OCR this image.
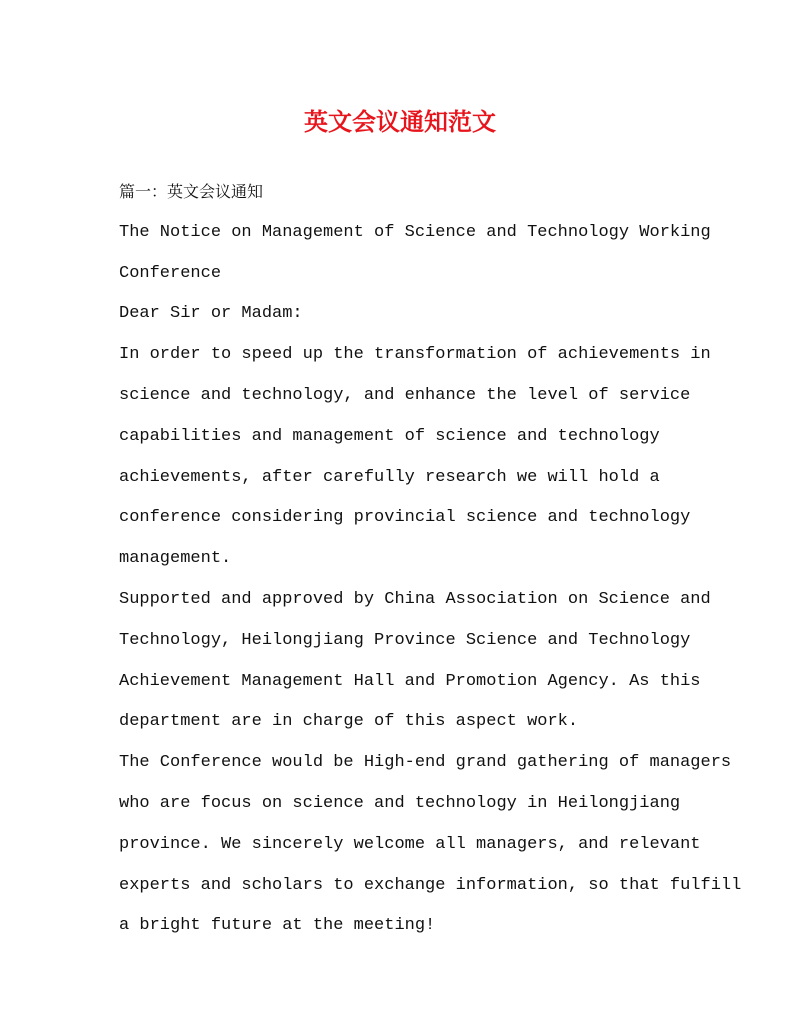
英文会议通知范文
篇一：英文会议通知
The Notice on Management of Science and Technology Working
Conference
Dear Sir or Madam:
In order to speed up the transformation of achievements in
science and technology, and enhance the level of service
capabilities and management of science and technology
achievements, after carefully research we will hold a
conference considering provincial science and technology
management.
Supported and approved by China Association on Science and
Technology, Heilongjiang Province Science and Technology
Achievement Management Hall and Promotion Agency. As this
department are in charge of this aspect work.
The Conference would be High-end grand gathering of managers
who are focus on science and technology in Heilongjiang
province. We sincerely welcome all managers, and relevant
experts and scholars to exchange information, so that fulfill
a bright future at the meeting!
